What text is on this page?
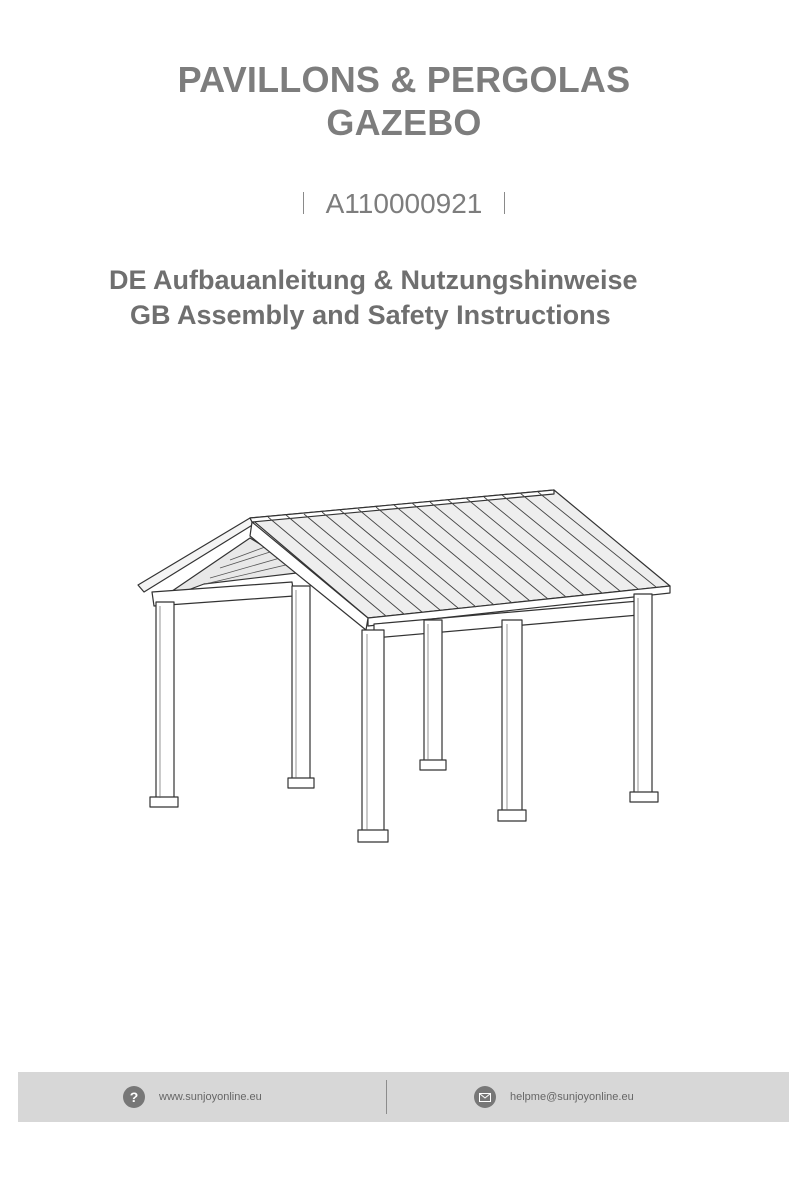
PAVILLONS & PERGOLAS
GAZEBO
A110000921
DE Aufbauanleitung & Nutzungshinweise
GB Assembly and Safety Instructions
? www.sunjoyonline.eu	helpme@sunjoyonline.eu
